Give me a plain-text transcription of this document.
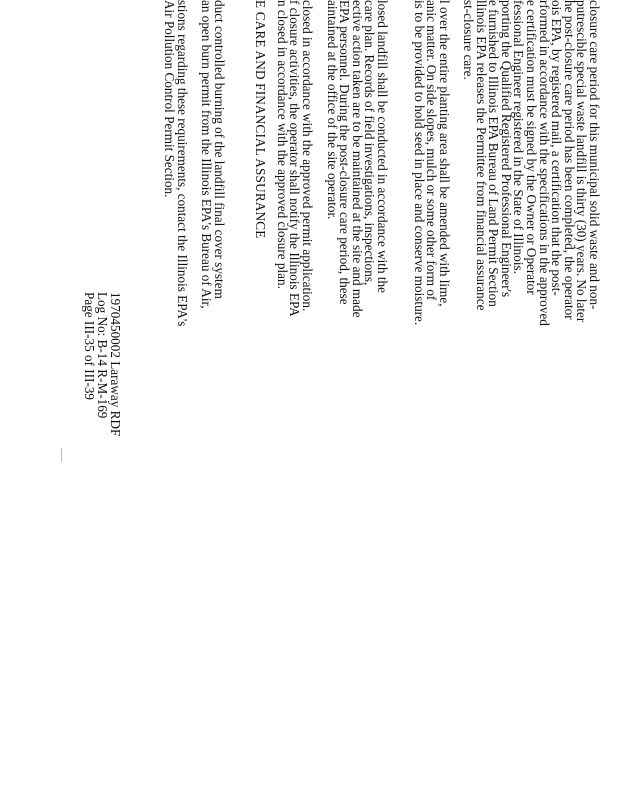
1970450002 Laraway RDF
Log No: B-14 R-M-169
Page III-35 of III-39
stions regarding these requirements, contact the Illinois EPA's
Air Pollution Control Permit Section.	duct controlled burning of the landfill final cover system
an open burn permit from the Illinois EPA's Bureau of Air,	E CARE AND FINANCIAL ASSURANCE closed in accordance with the approved permit application.
f closure activities, the operator shall notify the Illinois EPA
n closed in accordance with the approved closure plan.	losed landfill shall be conducted in accordance with the
care plan. Records of field investigations, inspections,
ective action taken are to be maintained at the site and made
EPA personnel. During the post-closure care period, these
aintained at the office of the site operator.	l over the entire planting area shall be amended with lime,
anic matter. On side slopes, mulch or some other form of
is to be provided to hold seed in place and conserve moisture.	closure care period for this municipal solid waste and non-
putrescible special waste landfill is thirty (30) years. No later
he post-closure care period has been completed, the operator
ois EPA, by registered mail, a certification that the post-
rformed in accordance with the specifications in the approved
e certification must be signed by the Owner or Operator
fessional Engineer registered in the State of Illinois.
porting the Qualified Registered Professional Engineer's
e furnished to Illinois EPA Bureau of Land Permit Section
llinois EPA releases the Permittee from financial assurance
st-closure care.
